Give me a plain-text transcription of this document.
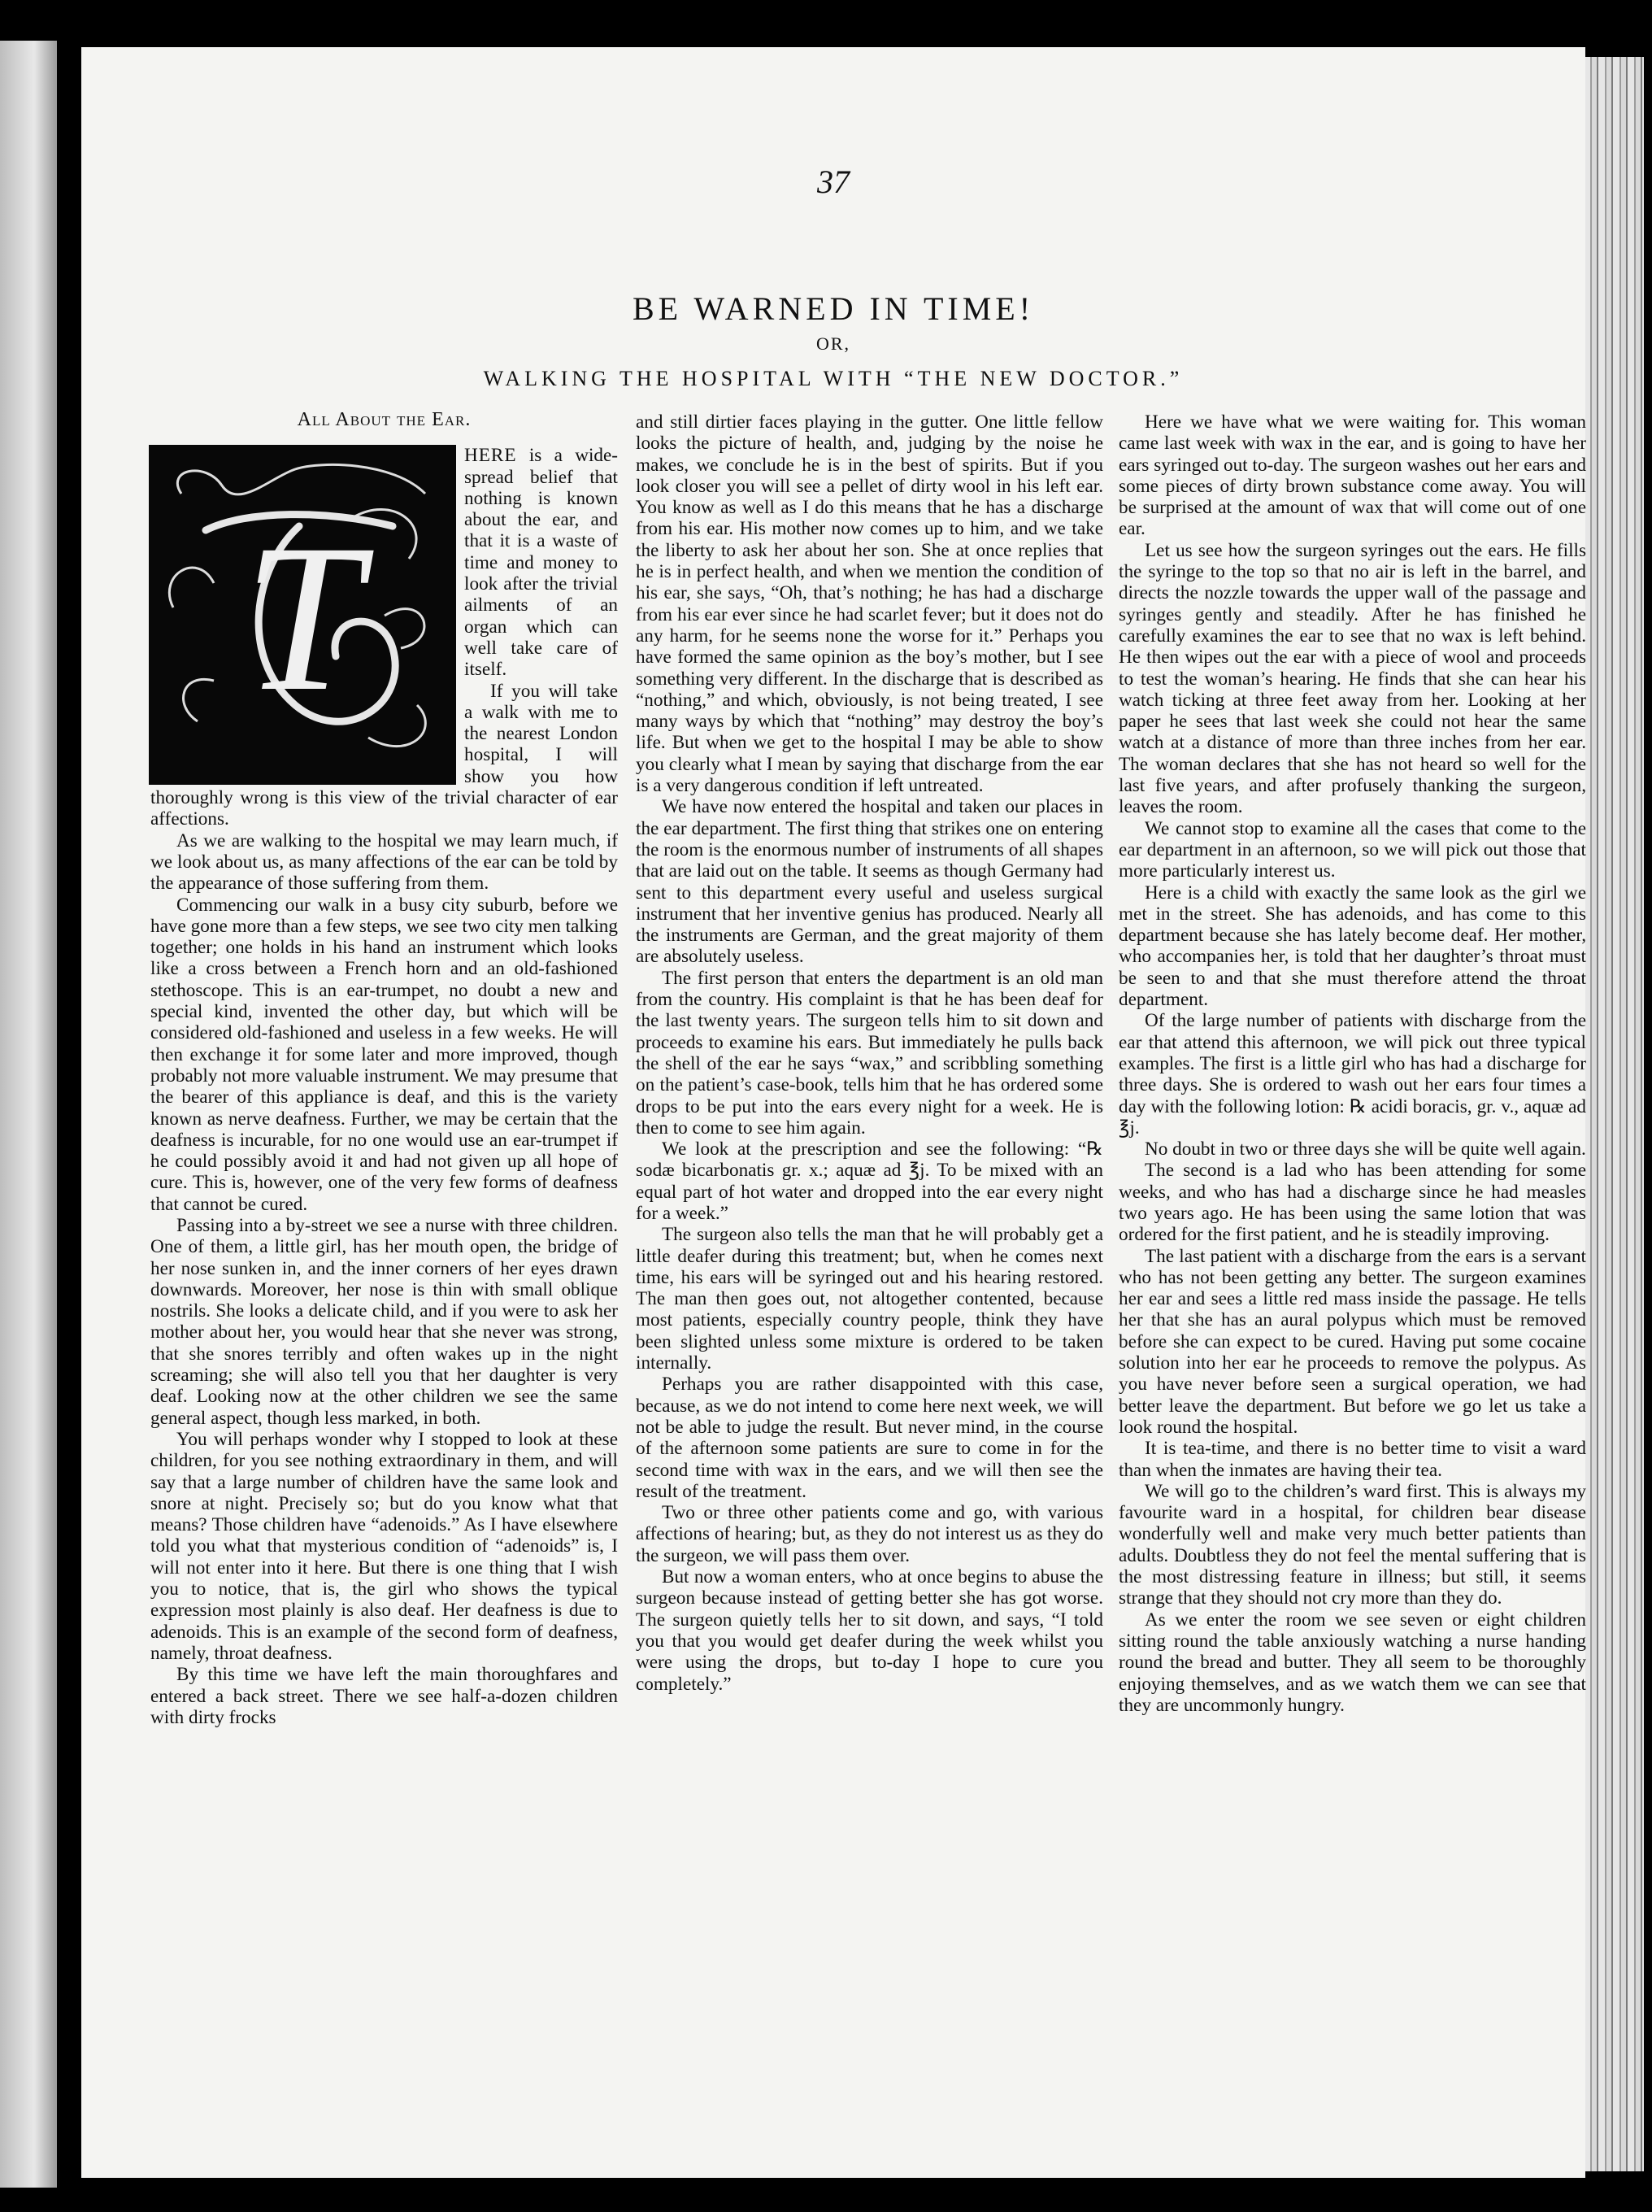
37
BE WARNED IN TIME!
OR,
WALKING THE HOSPITAL WITH “THE NEW DOCTOR.”
All About the Ear.
T

HERE is a wide-spread belief that nothing is known about the ear, and that it is a waste of time and money to look after the trivial ailments of an organ which can well take care of itself.

If you will take a walk with me to the nearest London hospital, I will show you how thoroughly wrong is this view of the trivial character of ear affections.

As we are walking to the hospital we may learn much, if we look about us, as many affections of the ear can be told by the appearance of those suffering from them.

Commencing our walk in a busy city suburb, before we have gone more than a few steps, we see two city men talking together; one holds in his hand an instrument which looks like a cross between a French horn and an old-fashioned stethoscope. This is an ear-trumpet, no doubt a new and special kind, invented the other day, but which will be considered old-fashioned and useless in a few weeks. He will then exchange it for some later and more improved, though probably not more valuable instrument. We may presume that the bearer of this appliance is deaf, and this is the variety known as nerve deafness. Further, we may be certain that the deafness is incurable, for no one would use an ear-trumpet if he could possibly avoid it and had not given up all hope of cure. This is, however, one of the very few forms of deafness that cannot be cured.

Passing into a by-street we see a nurse with three children. One of them, a little girl, has her mouth open, the bridge of her nose sunken in, and the inner corners of her eyes drawn downwards. Moreover, her nose is thin with small oblique nostrils. She looks a delicate child, and if you were to ask her mother about her, you would hear that she never was strong, that she snores terribly and often wakes up in the night screaming; she will also tell you that her daughter is very deaf. Looking now at the other children we see the same general aspect, though less marked, in both.

You will perhaps wonder why I stopped to look at these children, for you see nothing extraordinary in them, and will say that a large number of children have the same look and snore at night. Precisely so; but do you know what that means? Those children have “adenoids.” As I have elsewhere told you what that mysterious condition of “adenoids” is, I will not enter into it here. But there is one thing that I wish you to notice, that is, the girl who shows the typical expression most plainly is also deaf. Her deafness is due to adenoids. This is an example of the second form of deafness, namely, throat deafness.

By this time we have left the main thoroughfares and entered a back street. There we see half-a-dozen children with dirty frocks

and still dirtier faces playing in the gutter. One little fellow looks the picture of health, and, judging by the noise he makes, we conclude he is in the best of spirits. But if you look closer you will see a pellet of dirty wool in his left ear. You know as well as I do this means that he has a discharge from his ear. His mother now comes up to him, and we take the liberty to ask her about her son. She at once replies that he is in perfect health, and when we mention the condition of his ear, she says, “Oh, that’s nothing; he has had a discharge from his ear ever since he had scarlet fever; but it does not do any harm, for he seems none the worse for it.” Perhaps you have formed the same opinion as the boy’s mother, but I see something very different. In the discharge that is described as “nothing,” and which, obviously, is not being treated, I see many ways by which that “nothing” may destroy the boy’s life. But when we get to the hospital I may be able to show you clearly what I mean by saying that discharge from the ear is a very dangerous condition if left untreated.

We have now entered the hospital and taken our places in the ear department. The first thing that strikes one on entering the room is the enormous number of instruments of all shapes that are laid out on the table. It seems as though Germany had sent to this department every useful and useless surgical instrument that her inventive genius has produced. Nearly all the instruments are German, and the great majority of them are absolutely useless.

The first person that enters the department is an old man from the country. His complaint is that he has been deaf for the last twenty years. The surgeon tells him to sit down and proceeds to examine his ears. But immediately he pulls back the shell of the ear he says “wax,” and scribbling something on the patient’s case-book, tells him that he has ordered some drops to be put into the ears every night for a week. He is then to come to see him again.

We look at the prescription and see the following: “℞ sodæ bicarbonatis gr. x.; aquæ ad ℥j. To be mixed with an equal part of hot water and dropped into the ear every night for a week.”

The surgeon also tells the man that he will probably get a little deafer during this treatment; but, when he comes next time, his ears will be syringed out and his hearing restored. The man then goes out, not altogether contented, because most patients, especially country people, think they have been slighted unless some mixture is ordered to be taken internally.

Perhaps you are rather disappointed with this case, because, as we do not intend to come here next week, we will not be able to judge the result. But never mind, in the course of the afternoon some patients are sure to come in for the second time with wax in the ears, and we will then see the result of the treatment.

Two or three other patients come and go, with various affections of hearing; but, as they do not interest us as they do the surgeon, we will pass them over.

But now a woman enters, who at once begins to abuse the surgeon because instead of getting better she has got worse. The surgeon quietly tells her to sit down, and says, “I told you that you would get deafer during the week whilst you were using the drops, but to-day I hope to cure you completely.”

Here we have what we were waiting for. This woman came last week with wax in the ear, and is going to have her ears syringed out to-day. The surgeon washes out her ears and some pieces of dirty brown substance come away. You will be surprised at the amount of wax that will come out of one ear.

Let us see how the surgeon syringes out the ears. He fills the syringe to the top so that no air is left in the barrel, and directs the nozzle towards the upper wall of the passage and syringes gently and steadily. After he has finished he carefully examines the ear to see that no wax is left behind. He then wipes out the ear with a piece of wool and proceeds to test the woman’s hearing. He finds that she can hear his watch ticking at three feet away from her. Looking at her paper he sees that last week she could not hear the same watch at a distance of more than three inches from her ear. The woman declares that she has not heard so well for the last five years, and after profusely thanking the surgeon, leaves the room.

We cannot stop to examine all the cases that come to the ear department in an afternoon, so we will pick out those that more particularly interest us.

Here is a child with exactly the same look as the girl we met in the street. She has adenoids, and has come to this department because she has lately become deaf. Her mother, who accompanies her, is told that her daughter’s throat must be seen to and that she must therefore attend the throat department.

Of the large number of patients with discharge from the ear that attend this afternoon, we will pick out three typical examples. The first is a little girl who has had a discharge for three days. She is ordered to wash out her ears four times a day with the following lotion: ℞ acidi boracis, gr. v., aquæ ad ℥j.

No doubt in two or three days she will be quite well again.

The second is a lad who has been attending for some weeks, and who has had a discharge since he had measles two years ago. He has been using the same lotion that was ordered for the first patient, and he is steadily improving.

The last patient with a discharge from the ears is a servant who has not been getting any better. The surgeon examines her ear and sees a little red mass inside the passage. He tells her that she has an aural polypus which must be removed before she can expect to be cured. Having put some cocaine solution into her ear he proceeds to remove the polypus. As you have never before seen a surgical operation, we had better leave the department. But before we go let us take a look round the hospital.

It is tea-time, and there is no better time to visit a ward than when the inmates are having their tea.

We will go to the children’s ward first. This is always my favourite ward in a hospital, for children bear disease wonderfully well and make very much better patients than adults. Doubtless they do not feel the mental suffering that is the most distressing feature in illness; but still, it seems strange that they should not cry more than they do.

As we enter the room we see seven or eight children sitting round the table anxiously watching a nurse handing round the bread and butter. They all seem to be thoroughly enjoying themselves, and as we watch them we can see that they are uncommonly hungry.
